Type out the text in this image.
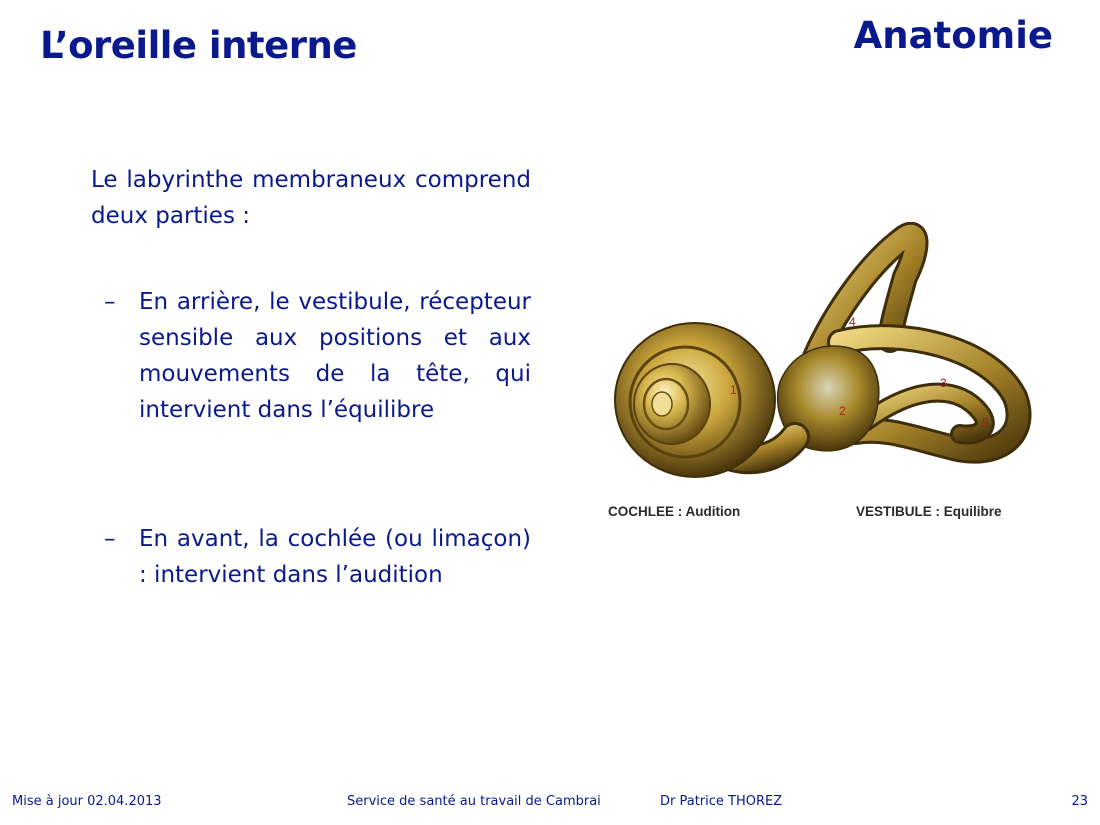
L’oreille interne	Anatomie

Le labyrinthe membraneux comprend deux parties :

–	En arrière, le vestibule, récepteur sensible aux positions et aux mouvements de la tête, qui intervient dans l’équilibre
–	En avant, la cochlée (ou limaçon) : intervient dans l’audition
1
2
3
4
5
COCHLEE : Audition	VESTIBULE : Equilibre
Mise à jour 02.04.2013	Service de santé au travail de Cambrai	Dr Patrice THOREZ	23
